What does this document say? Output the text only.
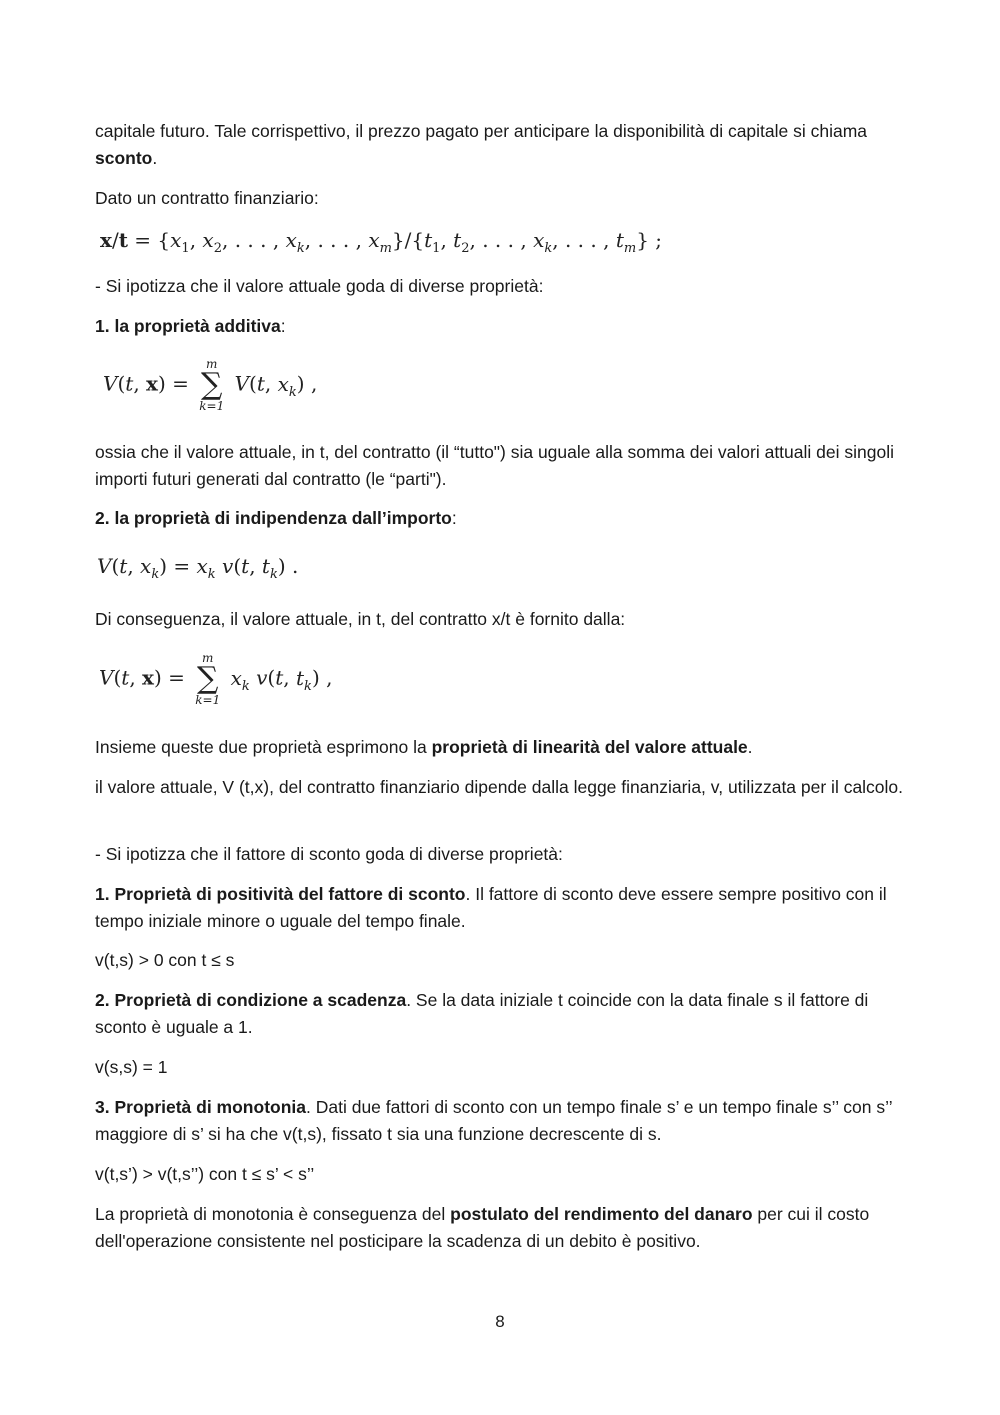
capitale futuro. Tale corrispettivo, il prezzo pagato per anticipare la disponibilità di capitale si chiama sconto.

Dato un contratto finanziario:

$x/t = \{x_1$, $x_2$, . . . , $x_k$, . . . , $x_m\}/\{t_1$, $t_2$, . . . , $x_k$, . . . , $t_m$} ;

- Si ipotizza che il valore attuale goda di diverse proprietà:

1. la proprietà additiva:

V(t, x) =
m
∑
k=1
V(t, $x_k$) ,

ossia che il valore attuale, in t, del contratto (il “tutto") sia uguale alla somma dei valori attuali dei singoli importi futuri generati dal contratto (le “parti").

2. la proprietà di indipendenza dall’importo:

V(t, $x_k) = x_k$ v(t, $t_k$) .

Di conseguenza, il valore attuale, in t, del contratto x/t è fornito dalla:

V(t, x) =
m
∑
k=1
$x_k$ v(t, $t_k$) ,

Insieme queste due proprietà esprimono la proprietà di linearità del valore attuale.

il valore attuale, V (t,x), del contratto finanziario dipende dalla legge finanziaria, v, utilizzata per il calcolo.

- Si ipotizza che il fattore di sconto goda di diverse proprietà:

1. Proprietà di positività del fattore di sconto. Il fattore di sconto deve essere sempre positivo con il tempo iniziale minore o uguale del tempo finale.

v(t,s) > 0 con t ≤ s

2. Proprietà di condizione a scadenza. Se la data iniziale t coincide con la data finale s il fattore di sconto è uguale a 1.

v(s,s) = 1

3. Proprietà di monotonia. Dati due fattori di sconto con un tempo finale s’ e un tempo finale s’’ con s’’ maggiore di s’ si ha che v(t,s), fissato t sia una funzione decrescente di s.

v(t,s’) > v(t,s’’) con t ≤ s’ < s’’

La proprietà di monotonia è conseguenza del postulato del rendimento del danaro per cui il costo dell'operazione consistente nel posticipare la scadenza di un debito è positivo.

8
